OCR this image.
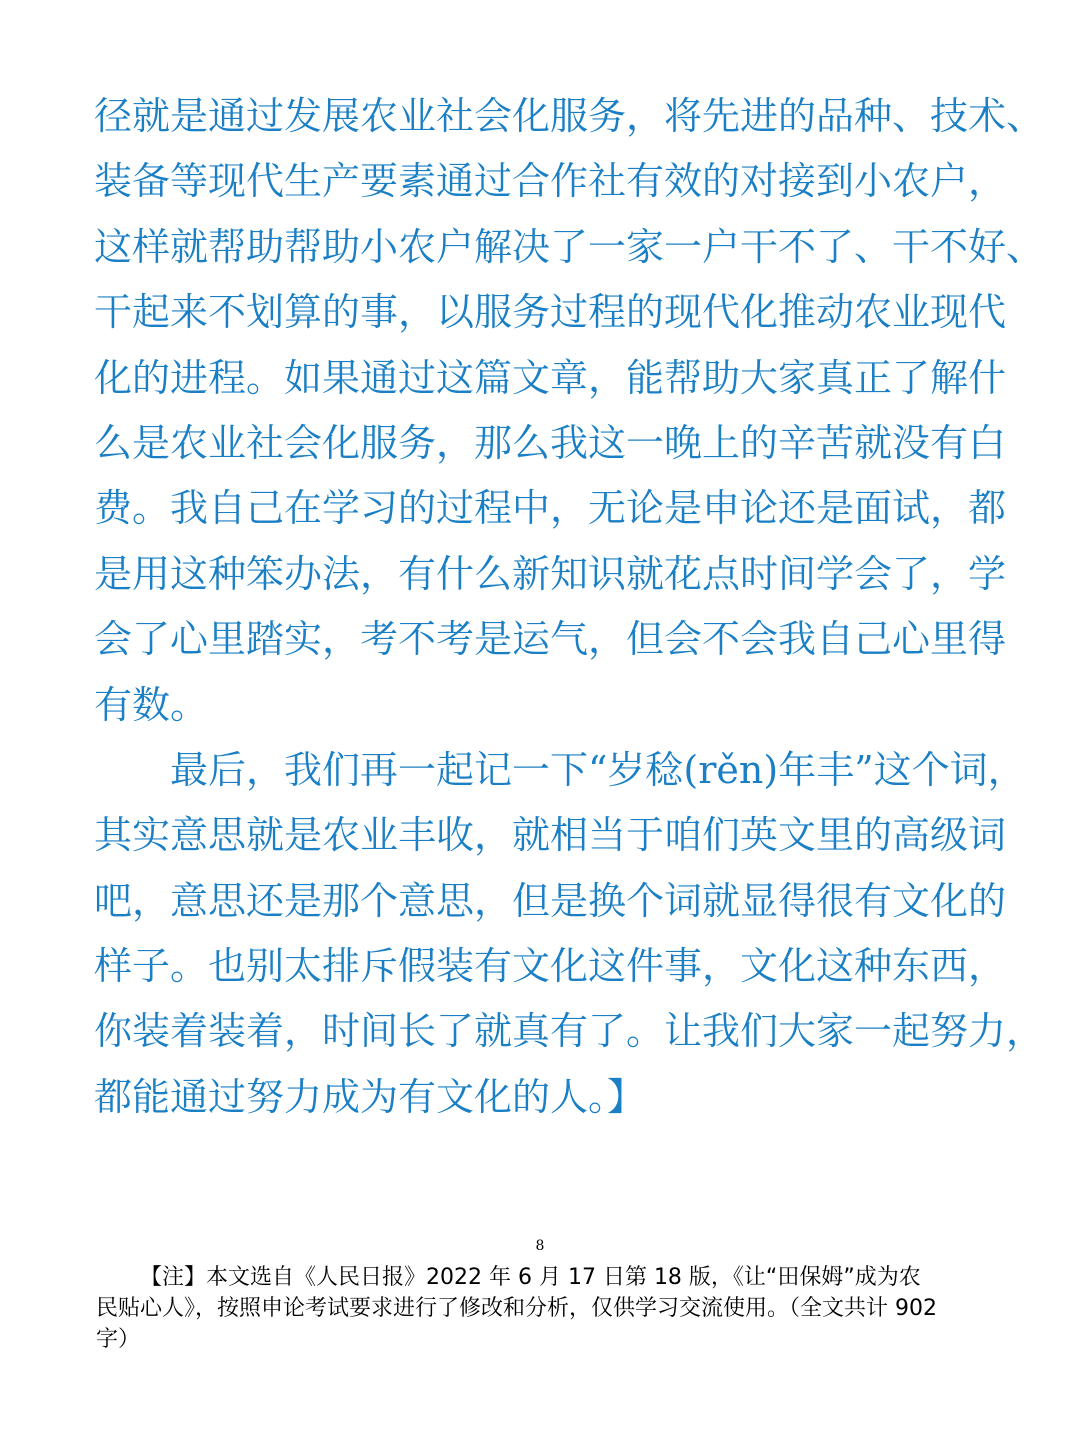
径就是通过发展农业社会化服务，将先进的品种、技术、
装备等现代生产要素通过合作社有效的对接到小农户，
这样就帮助帮助小农户解决了一家一户干不了、干不好、
干起来不划算的事，以服务过程的现代化推动农业现代
化的进程。如果通过这篇文章，能帮助大家真正了解什
么是农业社会化服务，那么我这一晚上的辛苦就没有白
费。我自己在学习的过程中，无论是申论还是面试，都
是用这种笨办法，有什么新知识就花点时间学会了，学
会了心里踏实，考不考是运气，但会不会我自己心里得
有数。
最后，我们再一起记一下“岁稔(rěn)年丰”这个词，
其实意思就是农业丰收，就相当于咱们英文里的高级词
吧，意思还是那个意思，但是换个词就显得很有文化的
样子。也别太排斥假装有文化这件事，文化这种东西，
你装着装着，时间长了就真有了。让我们大家一起努力，
都能通过努力成为有文化的人。】
8
【注】本文选自《人民日报》2022 年 6 月 17 日第 18 版，《让“田保姆”成为农
民贴心人》，按照申论考试要求进行了修改和分析，仅供学习交流使用。（全文共计 902
字）
